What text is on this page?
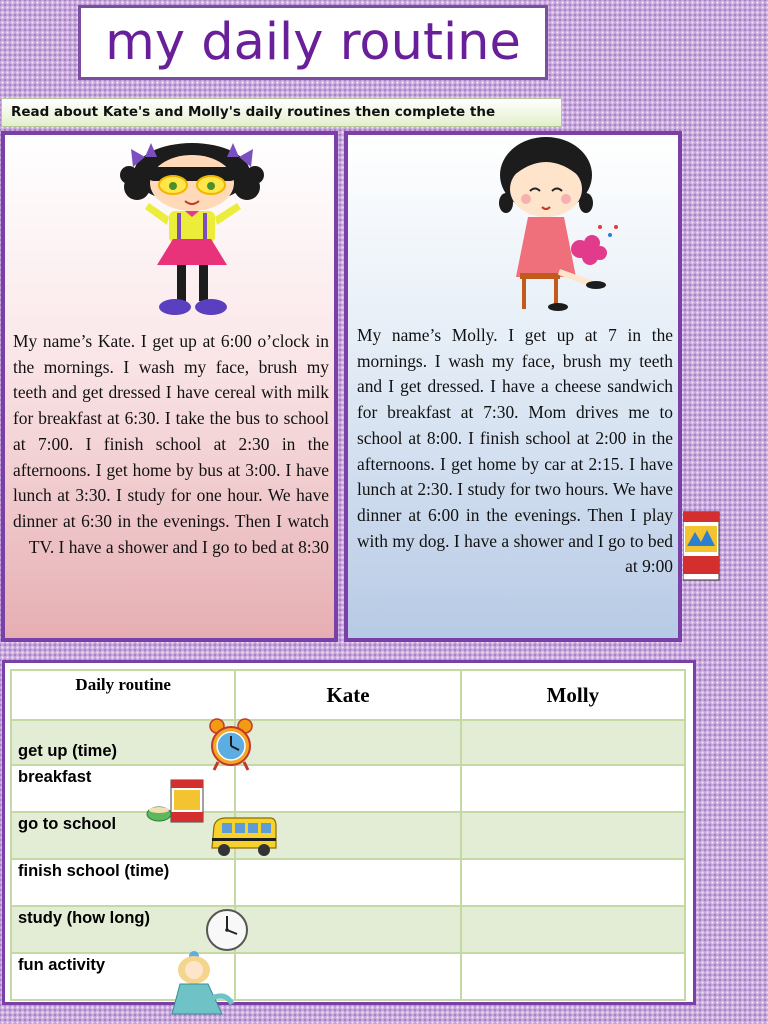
my daily routine
Read about Kate's and Molly's daily routines then complete the
My name’s Kate. I get up at 6:00 o’clock in the mornings. I wash my face, brush my teeth and get dressed I have cereal with milk for breakfast at 6:30. I take the bus to school at 7:00. I finish school at 2:30 in the afternoons. I get home by bus at 3:00. I have lunch at 3:30. I study for one hour. We have dinner at 6:30 in the evenings. Then I watch TV. I have a shower and I go to bed at 8:30
My name’s Molly. I get up at 7 in the mornings. I wash my face, brush my teeth and I get dressed. I have a cheese sandwich for breakfast at 7:30. Mom drives me to school at 8:00. I finish school at 2:00 in the afternoons. I get home by car at 2:15. I have lunch at 2:30. I study for two hours. We have dinner at 6:00 in the evenings. Then I play with my dog. I have a shower and I go to bed at 9:00
Daily routine	Kate	Molly
get up (time)		
breakfast		
go to school		
finish school (time)		
study (how long)		
fun activity		
